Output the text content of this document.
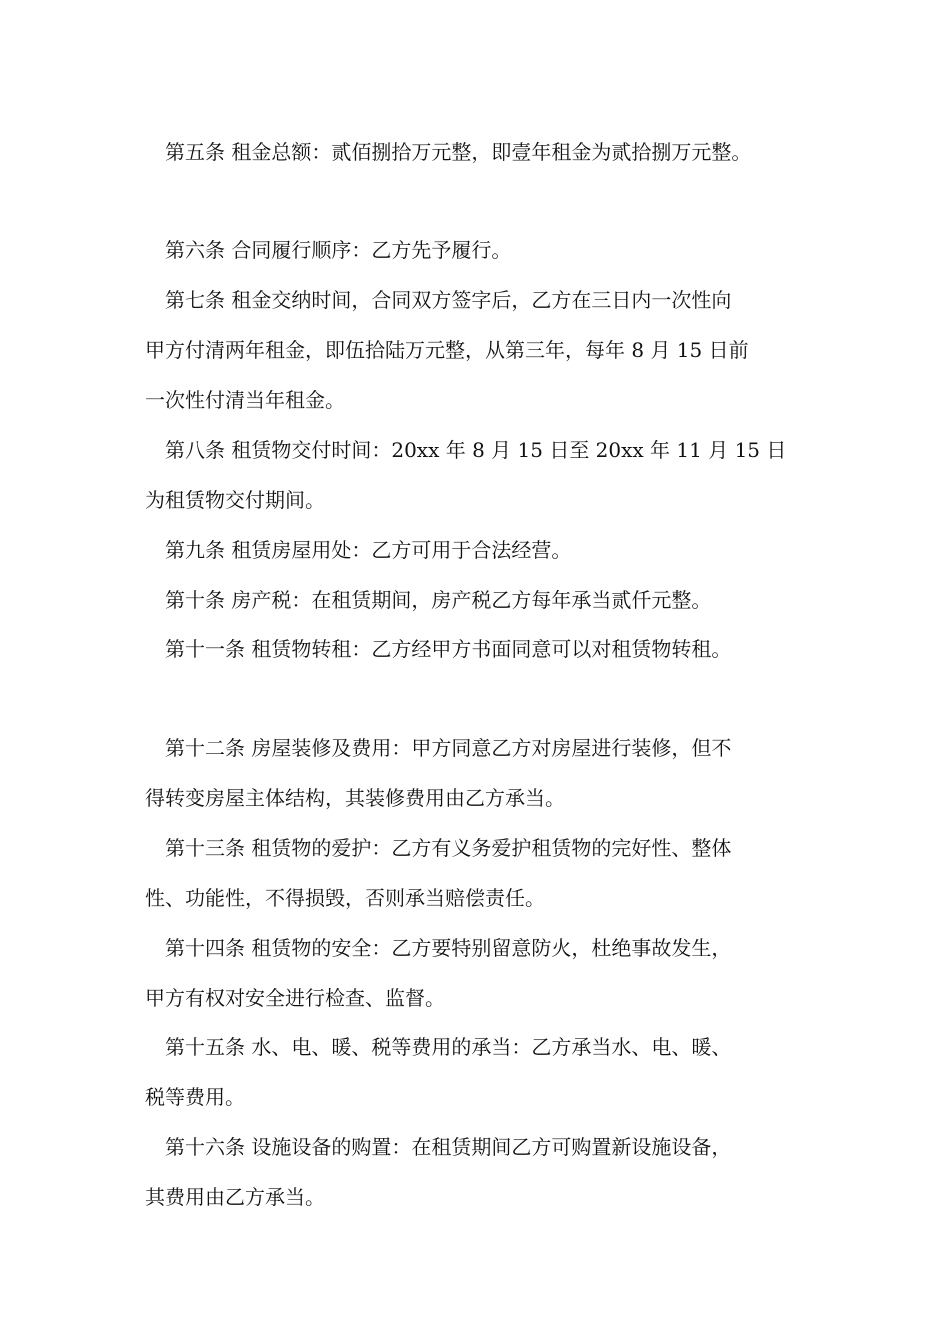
第五条 租金总额：贰佰捌拾万元整，即壹年租金为贰拾捌万元整。
第六条 合同履行顺序：乙方先予履行。
第七条 租金交纳时间，合同双方签字后，乙方在三日内一次性向
甲方付清两年租金，即伍拾陆万元整，从第三年，每年 8 月 15 日前
一次性付清当年租金。
第八条 租赁物交付时间：20xx 年 8 月 15 日至 20xx 年 11 月 15 日
为租赁物交付期间。
第九条 租赁房屋用处：乙方可用于合法经营。
第十条 房产税：在租赁期间，房产税乙方每年承当贰仟元整。
第十一条 租赁物转租：乙方经甲方书面同意可以对租赁物转租。
第十二条 房屋装修及费用：甲方同意乙方对房屋进行装修，但不
得转变房屋主体结构，其装修费用由乙方承当。
第十三条 租赁物的爱护：乙方有义务爱护租赁物的完好性、整体
性、功能性，不得损毁，否则承当赔偿责任。
第十四条 租赁物的安全：乙方要特别留意防火，杜绝事故发生，
甲方有权对安全进行检查、监督。
第十五条 水、电、暖、税等费用的承当：乙方承当水、电、暖、
税等费用。
第十六条 设施设备的购置：在租赁期间乙方可购置新设施设备，
其费用由乙方承当。
